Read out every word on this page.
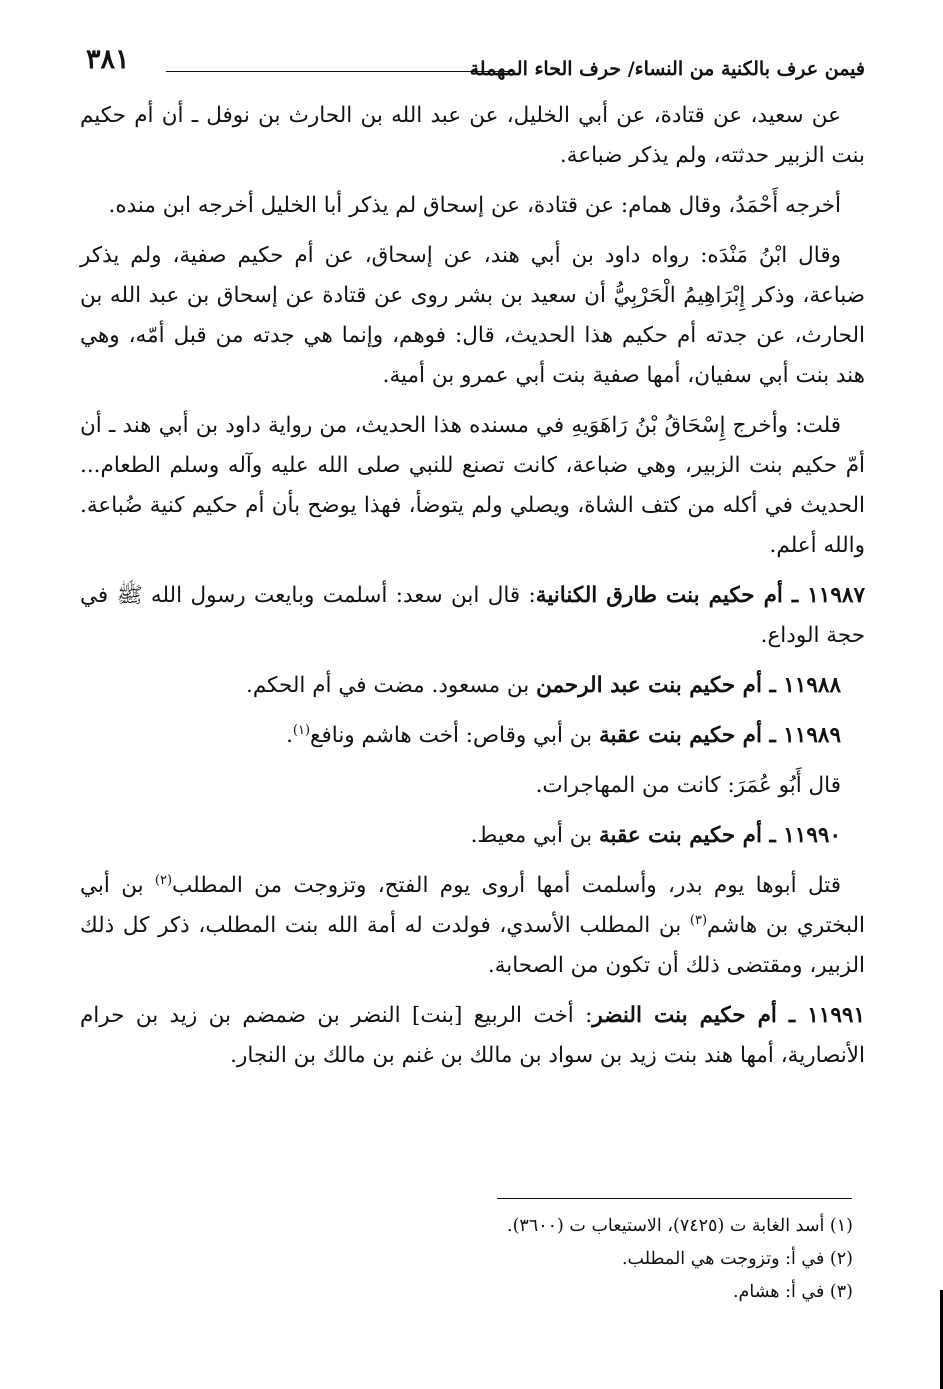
٣٨١	فيمن عرف بالكنية من النساء/ حرف الحاء المهملة

عن سعيد، عن قتادة، عن أبي الخليل، عن عبد الله بن الحارث بن نوفل ـ أن أم حكيم بنت الزبير حدثته، ولم يذكر ضباعة.

أخرجه أَحْمَدُ، وقال همام: عن قتادة، عن إسحاق لم يذكر أبا الخليل أخرجه ابن منده.

وقال ابْنُ مَنْدَه: رواه داود بن أبي هند، عن إسحاق، عن أم حكيم صفية، ولم يذكر ضباعة، وذكر إِبْرَاهِيمُ الْحَرْبِيُّ أن سعيد بن بشر روى عن قتادة عن إسحاق بن عبد الله بن الحارث، عن جدته أم حكيم هذا الحديث، قال: فوهم، وإنما هي جدته من قبل أمّه، وهي هند بنت أبي سفيان، أمها صفية بنت أبي عمرو بن أمية.

قلت: وأخرج إِسْحَاقُ بْنُ رَاهَوَيهِ في مسنده هذا الحديث، من رواية داود بن أبي هند ـ أن أمّ حكيم بنت الزبير، وهي ضباعة، كانت تصنع للنبي صلى الله عليه وآله وسلم الطعام... الحديث في أكله من كتف الشاة، ويصلي ولم يتوضأ، فهذا يوضح بأن أم حكيم كنية ضُباعة. والله أعلم.

١١٩٨٧ ـ أم حكيم بنت طارق الكنانية: قال ابن سعد: أسلمت وبايعت رسول الله ﷺ في حجة الوداع.

١١٩٨٨ ـ أم حكيم بنت عبد الرحمن بن مسعود. مضت في أم الحكم.

١١٩٨٩ ـ أم حكيم بنت عقبة بن أبي وقاص: أخت هاشم ونافع$^{(١)}$.

قال أَبُو عُمَرَ: كانت من المهاجرات.

١١٩٩٠ ـ أم حكيم بنت عقبة بن أبي معيط.

قتل أبوها يوم بدر، وأسلمت أمها أروى يوم الفتح، وتزوجت من المطلب$^{(٢)}$ بن أبي البختري بن هاشم$^{(٣)}$ بن المطلب الأسدي، فولدت له أمة الله بنت المطلب، ذكر كل ذلك الزبير، ومقتضى ذلك أن تكون من الصحابة.

١١٩٩١ ـ أم حكيم بنت النضر: أخت الربيع [بنت] النضر بن ضمضم بن زيد بن حرام الأنصارية، أمها هند بنت زيد بن سواد بن مالك بن غنم بن مالك بن النجار.

(١) أسد الغابة ت (٧٤٢٥)، الاستيعاب ت (٣٦٠٠).

(٢) في أ: وتزوجت هي المطلب.

(٣) في أ: هشام.
